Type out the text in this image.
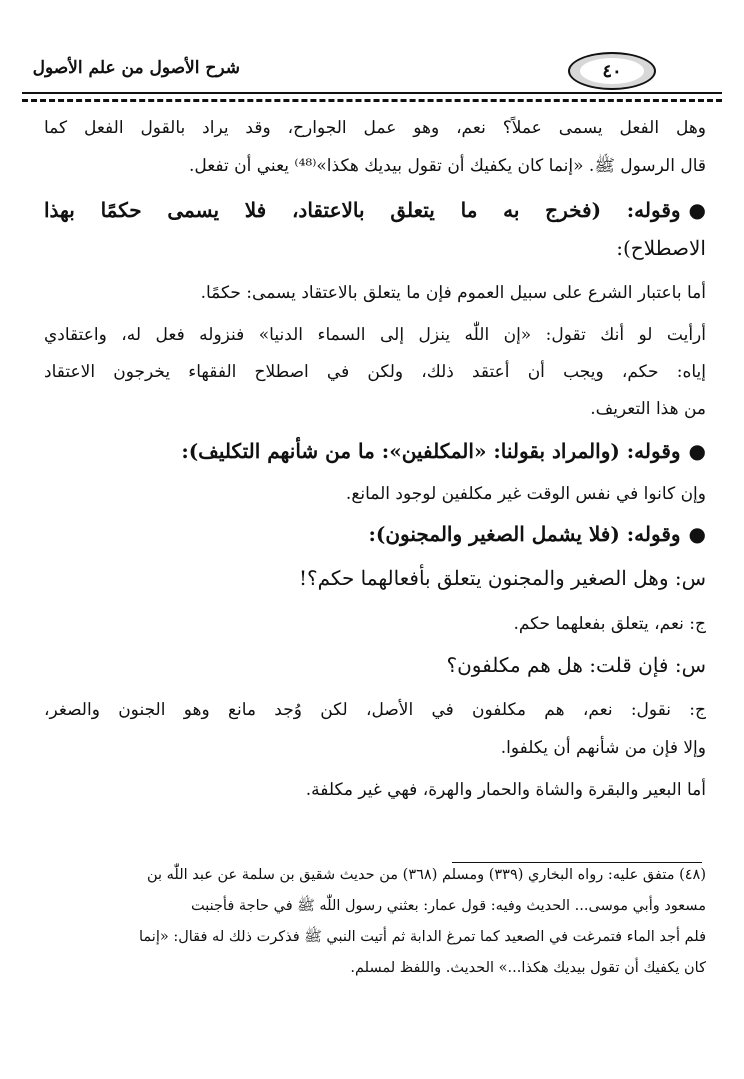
شرح الأصول من علم الأصول	٤٠
وهل الفعل يسمى عملاً؟ نعم، وهو عمل الجوارح، وقد يراد بالقول الفعل كما
قال الرسول ﷺ. «إنما كان يكفيك أن تقول بيديك هكذا»⁽⁴⁸⁾ يعني أن تفعل.
●وقوله: (فخرج به ما يتعلق بالاعتقاد، فلا يسمى حكمًا بهذا
الاصطلاح):
أما باعتبار الشرع على سبيل العموم فإن ما يتعلق بالاعتقاد يسمى: حكمًا.
أرأيت لو أنك تقول: «إن اللّٰه ينزل إلى السماء الدنيا» فنزوله فعل له، واعتقادي
إياه: حكم، ويجب أن أعتقد ذلك، ولكن في اصطلاح الفقهاء يخرجون الاعتقاد
من هذا التعريف.
●وقوله: (والمراد بقولنا: «المكلفين»: ما من شأنهم التكليف):
وإن كانوا في نفس الوقت غير مكلفين لوجود المانع.
●وقوله: (فلا يشمل الصغير والمجنون):
س: وهل الصغير والمجنون يتعلق بأفعالهما حكم؟!
ج: نعم، يتعلق بفعلهما حكم.
س: فإن قلت: هل هم مكلفون؟
ج: نقول: نعم، هم مكلفون في الأصل، لكن وُجد مانع وهو الجنون والصغر،
وإلا فإن من شأنهم أن يكلفوا.
أما البعير والبقرة والشاة والحمار والهرة، فهي غير مكلفة.
(٤٨) متفق عليه: رواه البخاري (٣٣٩) ومسلم (٣٦٨) من حديث شقيق بن سلمة عن عبد اللّٰه بن
مسعود وأبي موسى... الحديث وفيه: قول عمار: بعثني رسول اللّٰه ﷺ في حاجة فأجنبت
فلم أجد الماء فتمرغت في الصعيد كما تمرغ الدابة ثم أتيت النبي ﷺ فذكرت ذلك له فقال: «إنما
كان يكفيك أن تقول بيديك هكذا...» الحديث. واللفظ لمسلم.
